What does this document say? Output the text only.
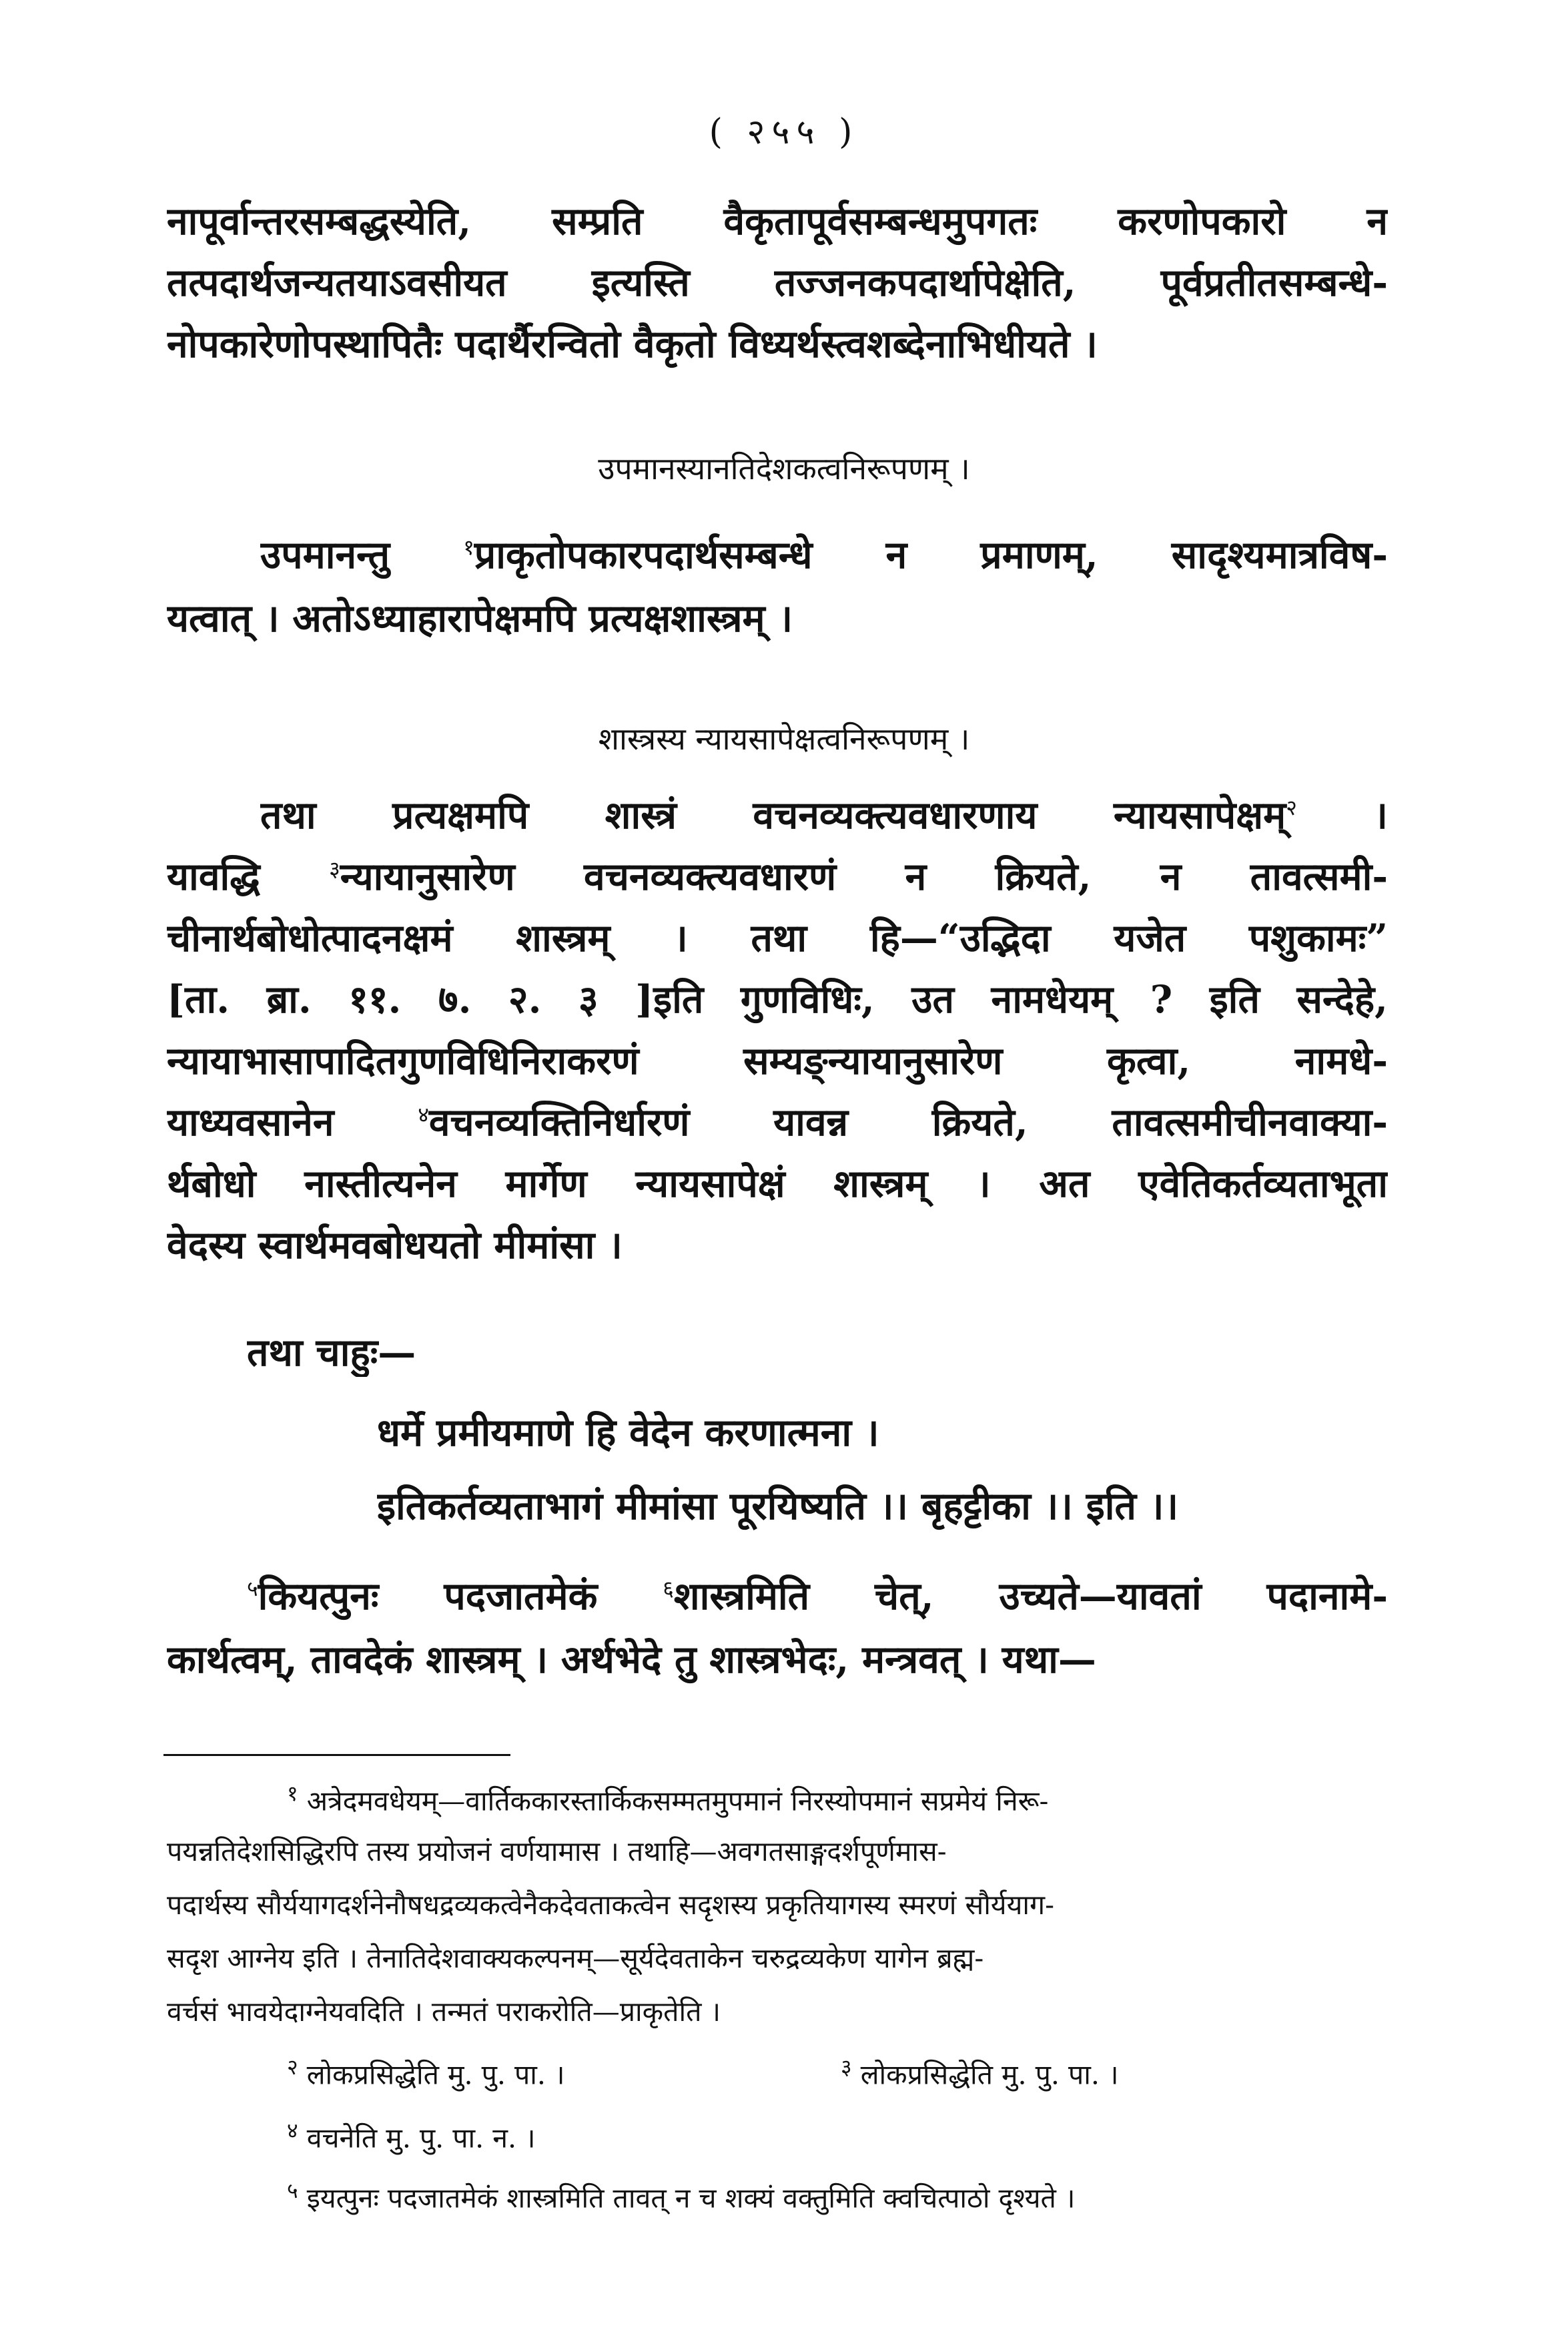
( २५५ )
नापूर्वान्तरसम्बद्धस्येति, सम्प्रति वैकृतापूर्वसम्बन्धमुपगतः करणोपकारो न
तत्पदार्थजन्यतयाऽवसीयत इत्यस्ति तज्जनकपदार्थापेक्षेति, पूर्वप्रतीतसम्बन्धे-
नोपकारेणोपस्थापितैः पदार्थैरन्वितो वैकृतो विध्यर्थस्त्वशब्देनाभिधीयते ।
उपमानस्यानतिदेशकत्वनिरूपणम् ।
उपमानन्तु $^१$प्राकृतोपकारपदार्थसम्बन्धे न प्रमाणम्, सादृश्यमात्रविष-
यत्वात् । अतोऽध्याहारापेक्षमपि प्रत्यक्षशास्त्रम् ।
शास्त्रस्य न्यायसापेक्षत्वनिरूपणम् ।
तथा प्रत्यक्षमपि शास्त्रं वचनव्यक्त्यवधारणाय न्यायसापेक्षम्$^२$ ।
यावद्धि $^३$न्यायानुसारेण वचनव्यक्त्यवधारणं न क्रियते, न तावत्समी-
चीनार्थबोधोत्पादनक्षमं शास्त्रम् । तथा हि—“उद्भिदा यजेत पशुकामः”
[ता. ब्रा. ११. ७. २. ३ ]इति गुणविधिः, उत नामधेयम् ? इति सन्देहे,
न्यायाभासापादितगुणविधिनिराकरणं सम्यङ्न्यायानुसारेण कृत्वा, नामधे-
याध्यवसानेन $^४$वचनव्यक्तिनिर्धारणं यावन्न क्रियते, तावत्समीचीनवाक्या-
र्थबोधो नास्तीत्यनेन मार्गेण न्यायसापेक्षं शास्त्रम् । अत एवेतिकर्तव्यताभूता
वेदस्य स्वार्थमवबोधयतो मीमांसा ।
तथा चाहुः—
धर्मे प्रमीयमाणे हि वेदेन करणात्मना ।
इतिकर्तव्यताभागं मीमांसा पूरयिष्यति ।। बृहट्टीका ।। इति ।।
$^५$कियत्पुनः पदजातमेकं $^६$शास्त्रमिति चेत्, उच्यते—यावतां पदानामे-
कार्थत्वम्, तावदेकं शास्त्रम् । अर्थभेदे तु शास्त्रभेदः, मन्त्रवत् । यथा—
$^१$ अत्रेदमवधेयम्—वार्तिककारस्तार्किकसम्मतमुपमानं निरस्योपमानं सप्रमेयं निरू-
पयन्नतिदेशसिद्धिरपि तस्य प्रयोजनं वर्णयामास । तथाहि—अवगतसाङ्गदर्शपूर्णमास-
पदार्थस्य सौर्ययागदर्शनेनौषधद्रव्यकत्वेनैकदेवताकत्वेन सदृशस्य प्रकृतियागस्य स्मरणं सौर्ययाग-
सदृश आग्नेय इति । तेनातिदेशवाक्यकल्पनम्—सूर्यदेवताकेन चरुद्रव्यकेण यागेन ब्रह्म-
वर्चसं भावयेदाग्नेयवदिति । तन्मतं पराकरोति—प्राकृतेति ।
$^२$ लोकप्रसिद्धेति मु. पु. पा. ।	$^३$ लोकप्रसिद्धेति मु. पु. पा. ।
$^४$ वचनेति मु. पु. पा. न. ।
$^५$ इयत्पुनः पदजातमेकं शास्त्रमिति तावत् न च शक्यं वक्तुमिति क्वचित्पाठो दृश्यते ।
